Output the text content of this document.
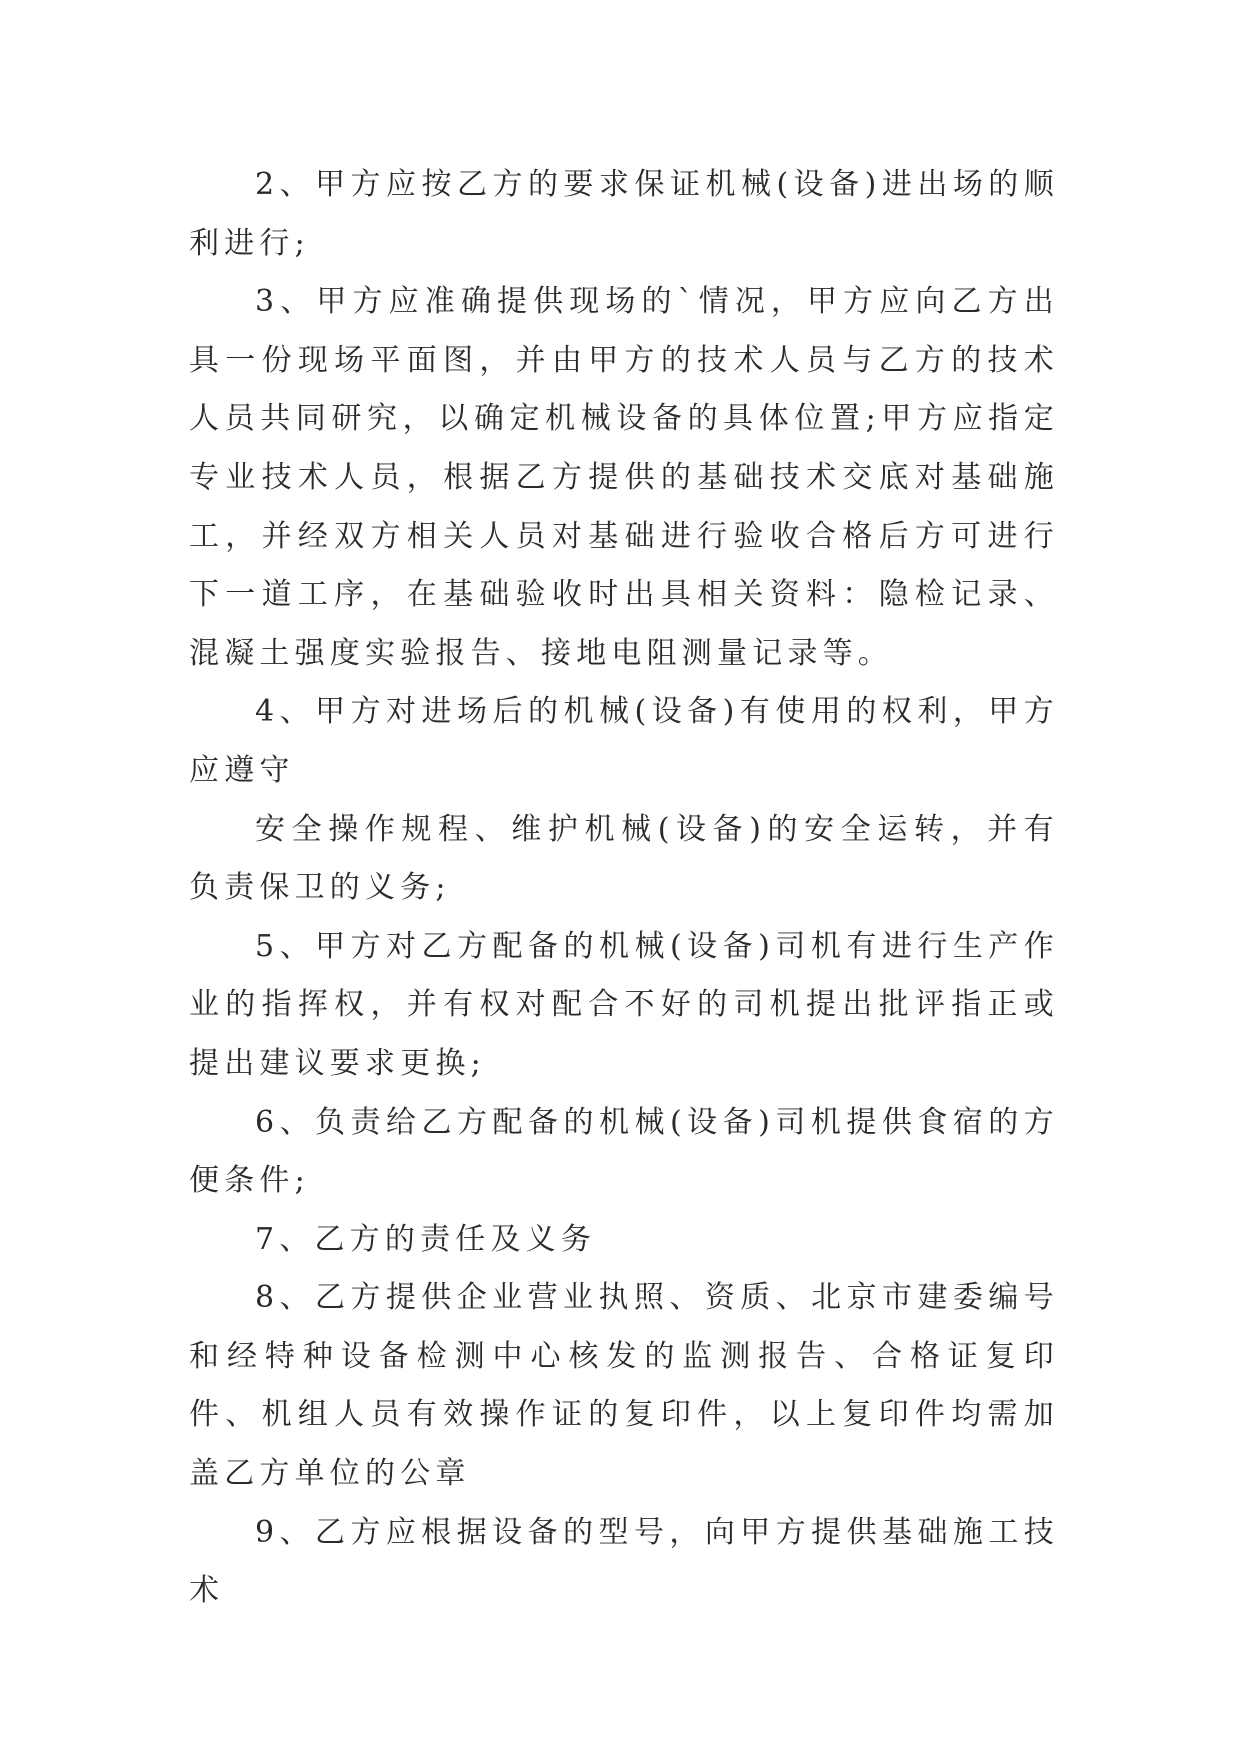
2、甲方应按乙方的要求保证机械(设备)进出场的顺利进行;

3、甲方应准确提供现场的`情况，甲方应向乙方出具一份现场平面图，并由甲方的技术人员与乙方的技术人员共同研究，以确定机械设备的具体位置;甲方应指定专业技术人员，根据乙方提供的基础技术交底对基础施工，并经双方相关人员对基础进行验收合格后方可进行下一道工序，在基础验收时出具相关资料：隐检记录、混凝土强度实验报告、接地电阻测量记录等。

4、甲方对进场后的机械(设备)有使用的权利，甲方应遵守

安全操作规程、维护机械(设备)的安全运转，并有负责保卫的义务;

5、甲方对乙方配备的机械(设备)司机有进行生产作业的指挥权，并有权对配合不好的司机提出批评指正或提出建议要求更换;

6、负责给乙方配备的机械(设备)司机提供食宿的方便条件;

7、乙方的责任及义务

8、乙方提供企业营业执照、资质、北京市建委编号和经特种设备检测中心核发的监测报告、合格证复印件、机组人员有效操作证的复印件，以上复印件均需加盖乙方单位的公章

9、乙方应根据设备的型号，向甲方提供基础施工技术
